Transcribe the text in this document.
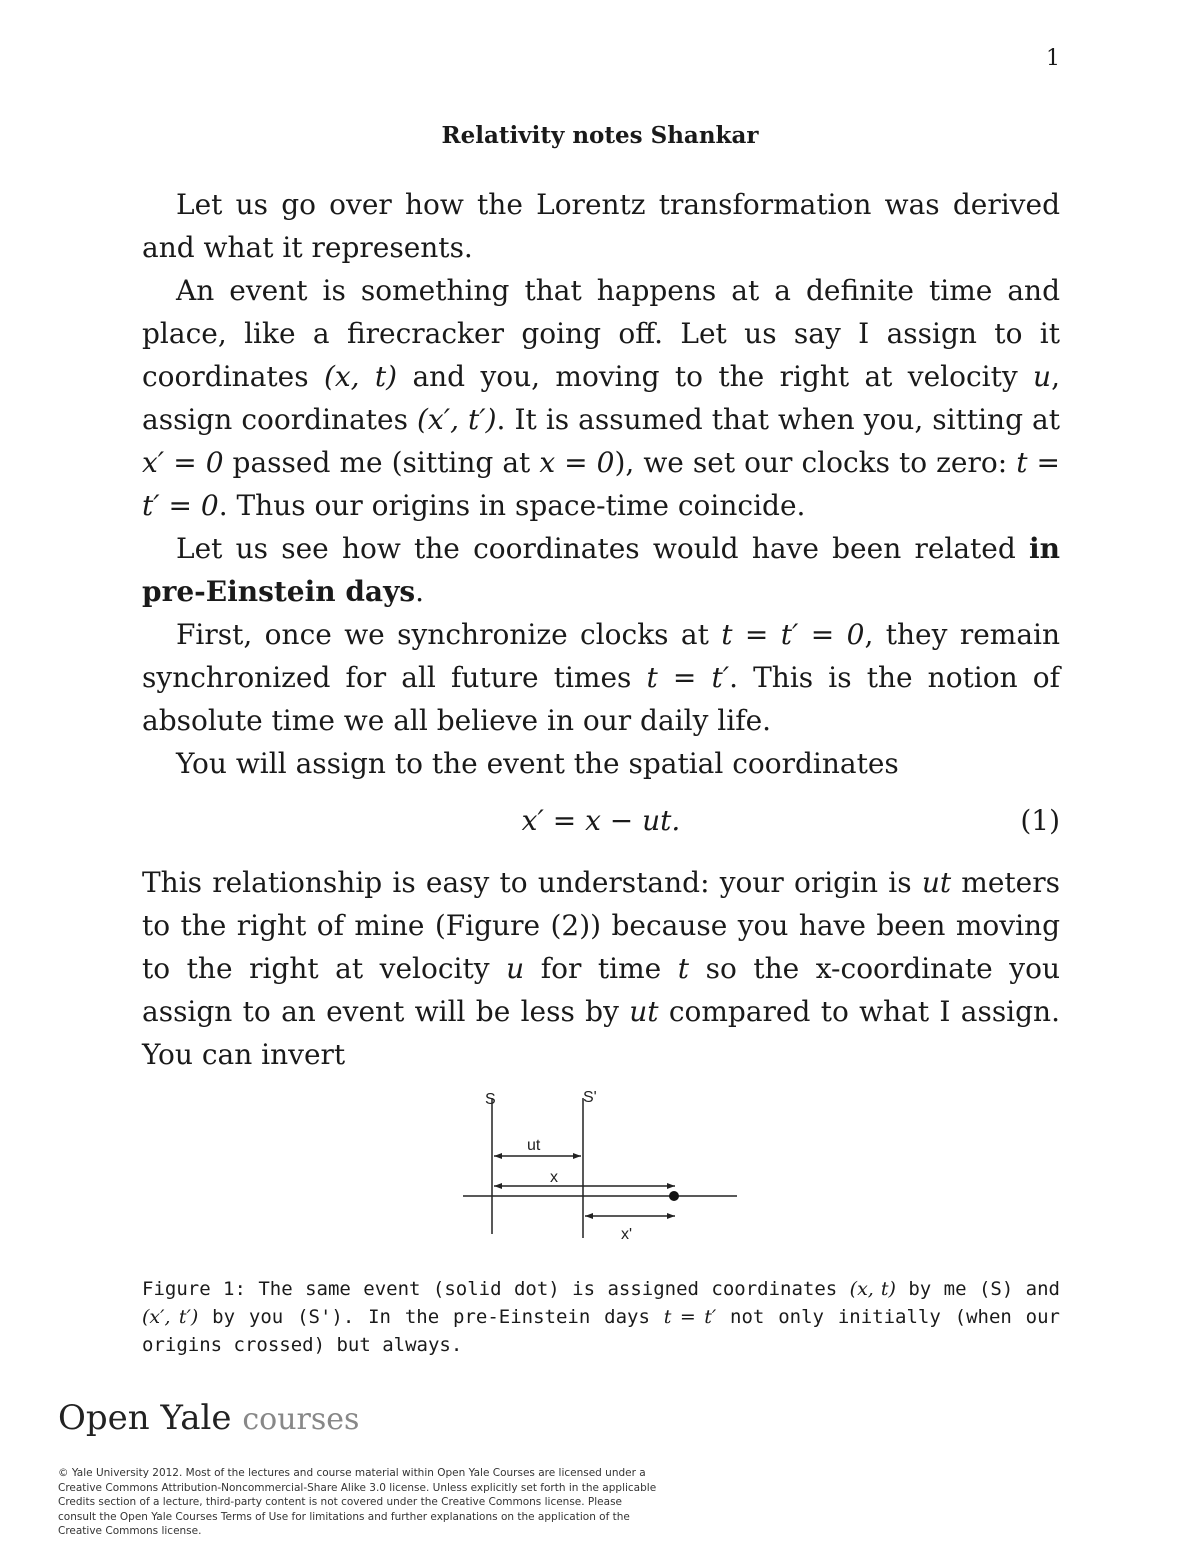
1
Relativity notes Shankar

Let us go over how the Lorentz transformation was derived and what it represents.

An event is something that happens at a definite time and place, like a firecracker going off. Let us say I assign to it coordinates (x, t) and you, moving to the right at velocity u, assign coordinates (x′, t′). It is assumed that when you, sitting at x′ = 0 passed me (sitting at x = 0), we set our clocks to zero: t = t′ = 0. Thus our origins in space-time coincide.

Let us see how the coordinates would have been related in pre-Einstein days.

First, once we synchronize clocks at t = t′ = 0, they remain synchronized for all future times t = t′. This is the notion of absolute time we all believe in our daily life.

You will assign to the event the spatial coordinates

x′ = x − ut.	(1)

This relationship is easy to understand: your origin is ut meters to the right of mine (Figure (2)) because you have been moving to the right at velocity u for time t so the x-coordinate you assign to an event will be less by ut compared to what I assign. You can invert

S	S'
ut
x
x'
Figure 1: The same event (solid dot) is assigned coordinates (x, t) by me (S) and (x′, t′) by you (S'). In the pre-Einstein days t = t′ not only initially (when our origins crossed) but always.
Open Yale courses
© Yale University 2012. Most of the lectures and course material within Open Yale Courses are licensed under a Creative Commons Attribution-Noncommercial-Share Alike 3.0 license. Unless explicitly set forth in the applicable Credits section of a lecture, third-party content is not covered under the Creative Commons license. Please consult the Open Yale Courses Terms of Use for limitations and further explanations on the application of the Creative Commons license.
